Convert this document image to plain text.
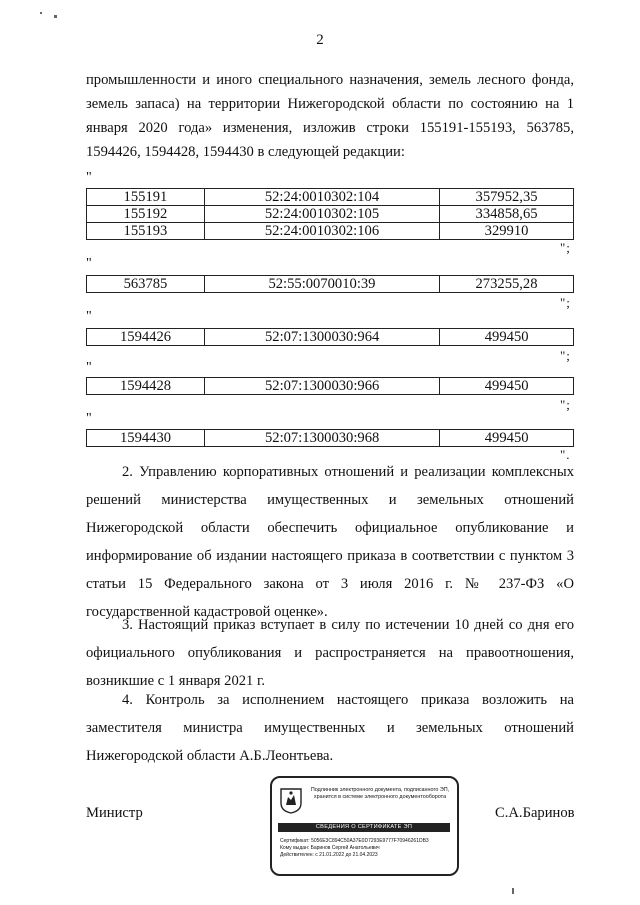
2
промышленности и иного специального назначения, земель лесного фонда, земель запаса) на территории Нижегородской области по состоянию на 1 января 2020 года» изменения, изложив строки 155191-155193, 563785, 1594426, 1594428, 1594430 в следующей редакции:
"
155191	52:24:0010302:104	357952,35
155192	52:24:0010302:105	334858,65
155193	52:24:0010302:106	329910
";
"
563785	52:55:0070010:39	273255,28
";
"
1594426	52:07:1300030:964	499450
";
"
1594428	52:07:1300030:966	499450
";
"
1594430	52:07:1300030:968	499450
".
2. Управлению корпоративных отношений и реализации комплексных решений министерства имущественных и земельных отношений Нижегородской области обеспечить официальное опубликование и информирование об издании настоящего приказа в соответствии с пунктом 3 статьи 15 Федерального закона от 3 июля 2016 г. № 237-ФЗ «О государственной кадастровой оценке».
3. Настоящий приказ вступает в силу по истечении 10 дней со дня его официального опубликования и распространяется на правоотношения, возникшие с 1 января 2021 г.
4. Контроль за исполнением настоящего приказа возложить на заместителя министра имущественных и земельных отношений Нижегородской области А.Б.Леонтьева.
Министр	С.А.Баринов
Подлинник электронного документа, подписанного ЭП, хранится в системе электронного документооборота
СВЕДЕНИЯ О СЕРТИФИКАТЕ ЭП
Сертификат: 5056E3C894C50A37E0D7293E9777F70946261DB3
Кому выдан: Баринов Сергей Анатольевич
Действителен: с 21.01.2022 до 21.04.2023
